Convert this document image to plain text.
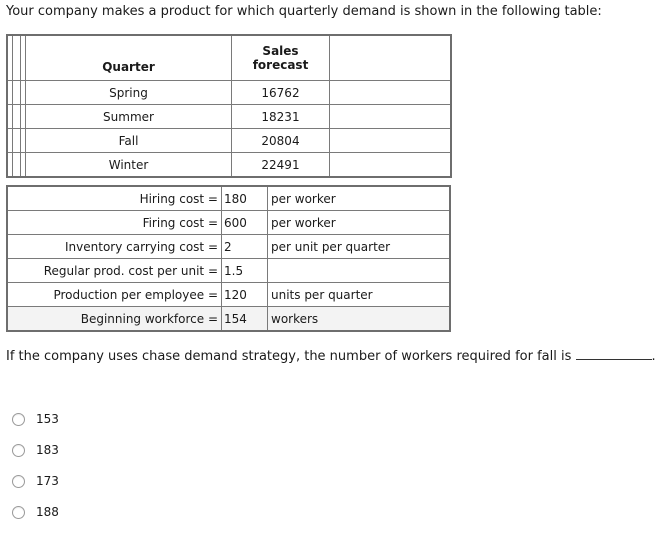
Your company makes a product for which quarterly demand is shown in the following table:
	Quarter	Sales
forecast	

	Spring	16762	

	Summer	18231	

	Fall	20804	

	Winter	22491	
Hiring cost =	180	per worker
Firing cost =	600	per worker
Inventory carrying cost =	2	per unit per quarter
Regular prod. cost per unit =	1.5	
Production per employee =	120	units per quarter
Beginning workforce =	154	workers
If the company uses chase demand strategy, the number of workers required for fall is	.
153
183
173
188
